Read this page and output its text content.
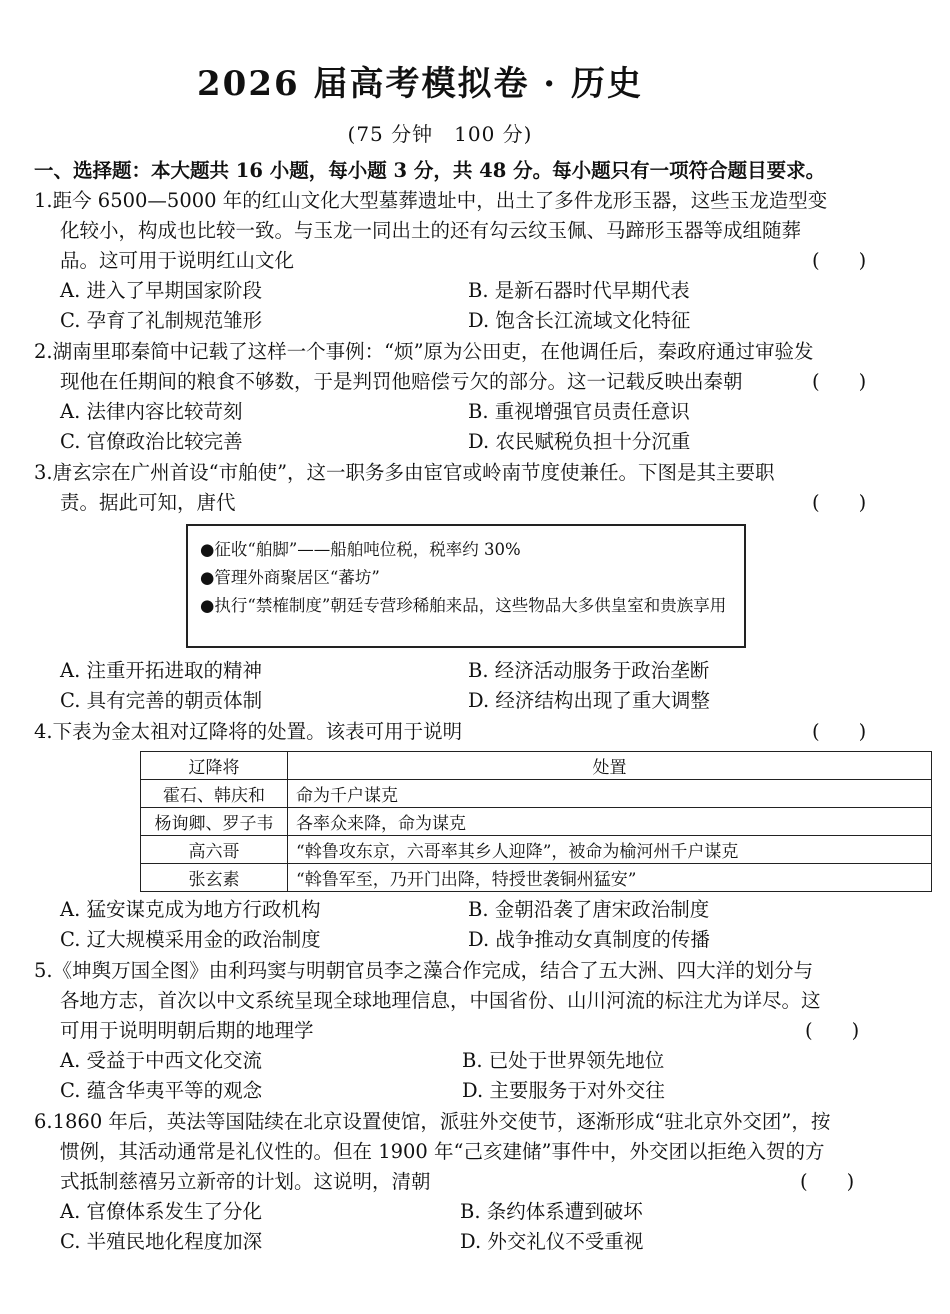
2026 届高考模拟卷 · 历史
(75 分钟　100 分)
一、选择题：本大题共 16 小题，每小题 3 分，共 48 分。每小题只有一项符合题目要求。
1.距今 6500—5000 年的红山文化大型墓葬遗址中，出土了多件龙形玉器，这些玉龙造型变
化较小，构成也比较一致。与玉龙一同出土的还有勾云纹玉佩、马蹄形玉器等成组随葬
品。这可用于说明红山文化	(　　)
A. 进入了早期国家阶段	B. 是新石器时代早期代表
C. 孕育了礼制规范雏形	D. 饱含长江流域文化特征
2.湖南里耶秦简中记载了这样一个事例：“烦”原为公田吏，在他调任后，秦政府通过审验发
现他在任期间的粮食不够数，于是判罚他赔偿亏欠的部分。这一记载反映出秦朝	(　　)
A. 法律内容比较苛刻	B. 重视增强官员责任意识
C. 官僚政治比较完善	D. 农民赋税负担十分沉重
3.唐玄宗在广州首设“市舶使”，这一职务多由宦官或岭南节度使兼任。下图是其主要职
责。据此可知，唐代	(　　)
●征收“舶脚”——船舶吨位税，税率约 30%
●管理外商聚居区“蕃坊”
●执行“禁榷制度”朝廷专营珍稀舶来品，这些物品大多供皇室和贵族享用
A. 注重开拓进取的精神	B. 经济活动服务于政治垄断
C. 具有完善的朝贡体制	D. 经济结构出现了重大调整
4.下表为金太祖对辽降将的处置。该表可用于说明	(　　)
辽降将	处置
霍石、韩庆和	命为千户谋克
杨询卿、罗子韦	各率众来降，命为谋克
高六哥	“斡鲁攻东京，六哥率其乡人迎降”，被命为榆河州千户谋克
张玄素	“斡鲁军至，乃开门出降，特授世袭铜州猛安”
A. 猛安谋克成为地方行政机构	B. 金朝沿袭了唐宋政治制度
C. 辽大规模采用金的政治制度	D. 战争推动女真制度的传播
5.《坤舆万国全图》由利玛窦与明朝官员李之藻合作完成，结合了五大洲、四大洋的划分与
各地方志，首次以中文系统呈现全球地理信息，中国省份、山川河流的标注尤为详尽。这
可用于说明明朝后期的地理学	(　　)
A. 受益于中西文化交流	B. 已处于世界领先地位
C. 蕴含华夷平等的观念	D. 主要服务于对外交往
6.1860 年后，英法等国陆续在北京设置使馆，派驻外交使节，逐渐形成“驻北京外交团”，按
惯例，其活动通常是礼仪性的。但在 1900 年“己亥建储”事件中，外交团以拒绝入贺的方
式抵制慈禧另立新帝的计划。这说明，清朝	(　　)
A. 官僚体系发生了分化	B. 条约体系遭到破坏
C. 半殖民地化程度加深	D. 外交礼仪不受重视
